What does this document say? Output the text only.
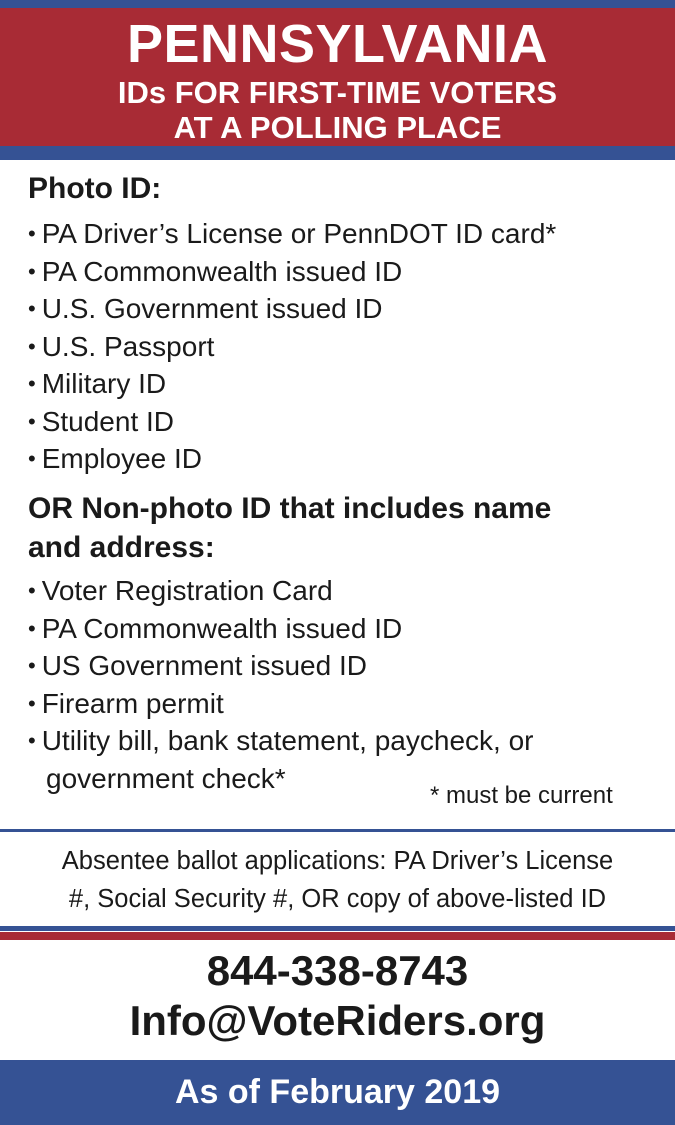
PENNSYLVANIA
IDs FOR FIRST-TIME VOTERS
AT A POLLING PLACE
Photo ID:
• PA Driver’s License or PennDOT ID card*
• PA Commonwealth issued ID
• U.S. Government issued ID
• U.S. Passport
• Military ID
• Student ID
• Employee ID
OR Non-photo ID that includes name
and address:
• Voter Registration Card
• PA Commonwealth issued ID
• US Government issued ID
• Firearm permit
• Utility bill, bank statement, paycheck, or
government check*
* must be current
Absentee ballot applications: PA Driver’s License
#, Social Security #, OR copy of above-listed ID
844-338-8743
Info@VoteRiders.org
As of February 2019
